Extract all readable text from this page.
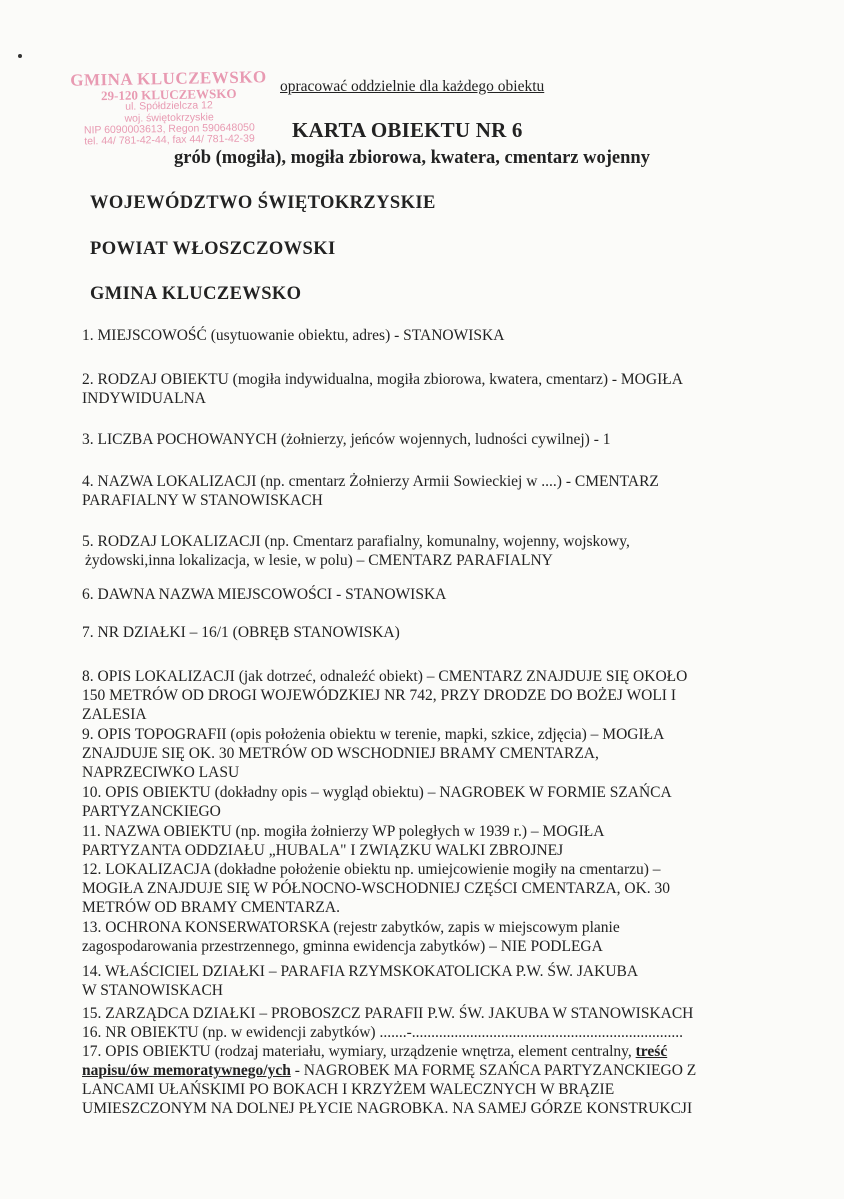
GMINA KLUCZEWSKO
29-120 KLUCZEWSKO
ul. Spółdzielcza 12
woj. świętokrzyskie
NIP 6090003613, Regon 590648050
tel. 44/ 781-42-44, fax 44/ 781-42-39
opracować oddzielnie dla każdego obiektu
KARTA OBIEKTU NR 6
grób (mogiła), mogiła zbiorowa, kwatera, cmentarz wojenny
WOJEWÓDZTWO ŚWIĘTOKRZYSKIE
POWIAT WŁOSZCZOWSKI
GMINA KLUCZEWSKO
1. MIEJSCOWOŚĆ (usytuowanie obiektu, adres) - STANOWISKA
2. RODZAJ OBIEKTU (mogiła indywidualna, mogiła zbiorowa, kwatera, cmentarz) - MOGIŁA
INDYWIDUALNA
3. LICZBA POCHOWANYCH (żołnierzy, jeńców wojennych, ludności cywilnej) - 1
4. NAZWA LOKALIZACJI (np. cmentarz Żołnierzy Armii Sowieckiej w ....) - CMENTARZ
PARAFIALNY W STANOWISKACH
5. RODZAJ LOKALIZACJI (np. Cmentarz parafialny, komunalny, wojenny, wojskowy,
żydowski,inna lokalizacja, w lesie, w polu) – CMENTARZ PARAFIALNY
6. DAWNA NAZWA MIEJSCOWOŚCI - STANOWISKA
7. NR DZIAŁKI – 16/1 (OBRĘB STANOWISKA)
8. OPIS LOKALIZACJI (jak dotrzeć, odnaleźć obiekt) – CMENTARZ ZNAJDUJE SIĘ OKOŁO
150 METRÓW OD DROGI WOJEWÓDZKIEJ NR 742, PRZY DRODZE DO BOŻEJ WOLI I
ZALESIA
9. OPIS TOPOGRAFII (opis położenia obiektu w terenie, mapki, szkice, zdjęcia) – MOGIŁA
ZNAJDUJE SIĘ OK. 30 METRÓW OD WSCHODNIEJ BRAMY CMENTARZA,
NAPRZECIWKO LASU
10. OPIS OBIEKTU (dokładny opis – wygląd obiektu) – NAGROBEK W FORMIE SZAŃCA
PARTYZANCKIEGO
11. NAZWA OBIEKTU (np. mogiła żołnierzy WP poległych w 1939 r.) – MOGIŁA
PARTYZANTA ODDZIAŁU „HUBALA" I ZWIĄZKU WALKI ZBROJNEJ
12. LOKALIZACJA (dokładne położenie obiektu np. umiejcowienie mogiły na cmentarzu) –
MOGIŁA ZNAJDUJE SIĘ W PÓŁNOCNO-WSCHODNIEJ CZĘŚCI CMENTARZA, OK. 30
METRÓW OD BRAMY CMENTARZA.
13. OCHRONA KONSERWATORSKA (rejestr zabytków, zapis w miejscowym planie
zagospodarowania przestrzennego, gminna ewidencja zabytków) – NIE PODLEGA
14. WŁAŚCICIEL DZIAŁKI – PARAFIA RZYMSKOKATOLICKA P.W. ŚW. JAKUBA
W STANOWISKACH
15. ZARZĄDCA DZIAŁKI – PROBOSZCZ PARAFII P.W. ŚW. JAKUBA W STANOWISKACH
16. NR OBIEKTU (np. w ewidencji zabytków) .......-......................................................................
17. OPIS OBIEKTU (rodzaj materiału, wymiary, urządzenie wnętrza, element centralny, treść
napisu/ów memoratywnego/ych - NAGROBEK MA FORMĘ SZAŃCA PARTYZANCKIEGO Z
LANCAMI UŁAŃSKIMI PO BOKACH I KRZYŻEM WALECZNYCH W BRĄZIE
UMIESZCZONYM NA DOLNEJ PŁYCIE NAGROBKA. NA SAMEJ GÓRZE KONSTRUKCJI
